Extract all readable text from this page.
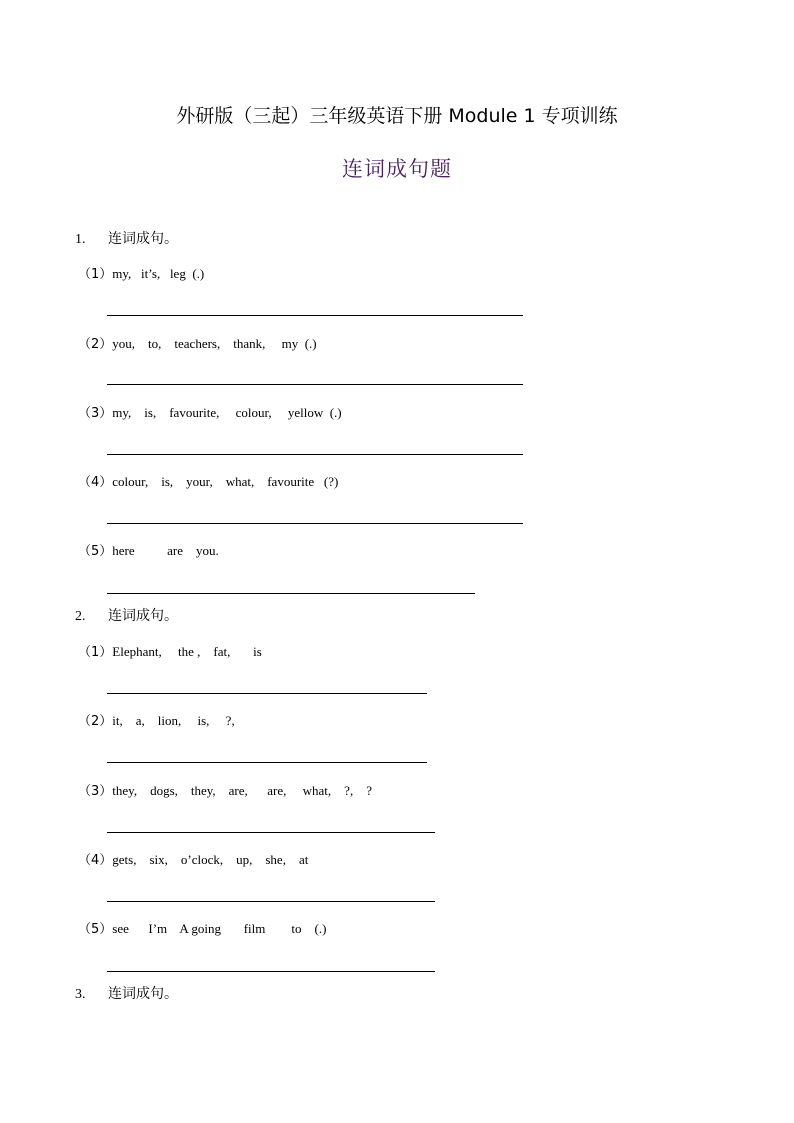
外研版（三起）三年级英语下册 Module 1 专项训练
连词成句题
1. 连词成句。
（1）my,   it’s,   leg  (.)
（2）you,    to,    teachers,    thank,     my  (.)
（3）my,    is,    favourite,     colour,     yellow  (.)
（4）colour,    is,    your,    what,    favourite   (?)
（5）here          are    you.
2. 连词成句。
（1）Elephant,     the ,    fat,       is
（2）it,    a,    lion,     is,     ?,
（3）they,    dogs,    they,    are,      are,     what,    ?,    ?
（4）gets,    six,    o’clock,    up,    she,    at
（5）see      I’m    A going       film        to    (.)
3. 连词成句。
